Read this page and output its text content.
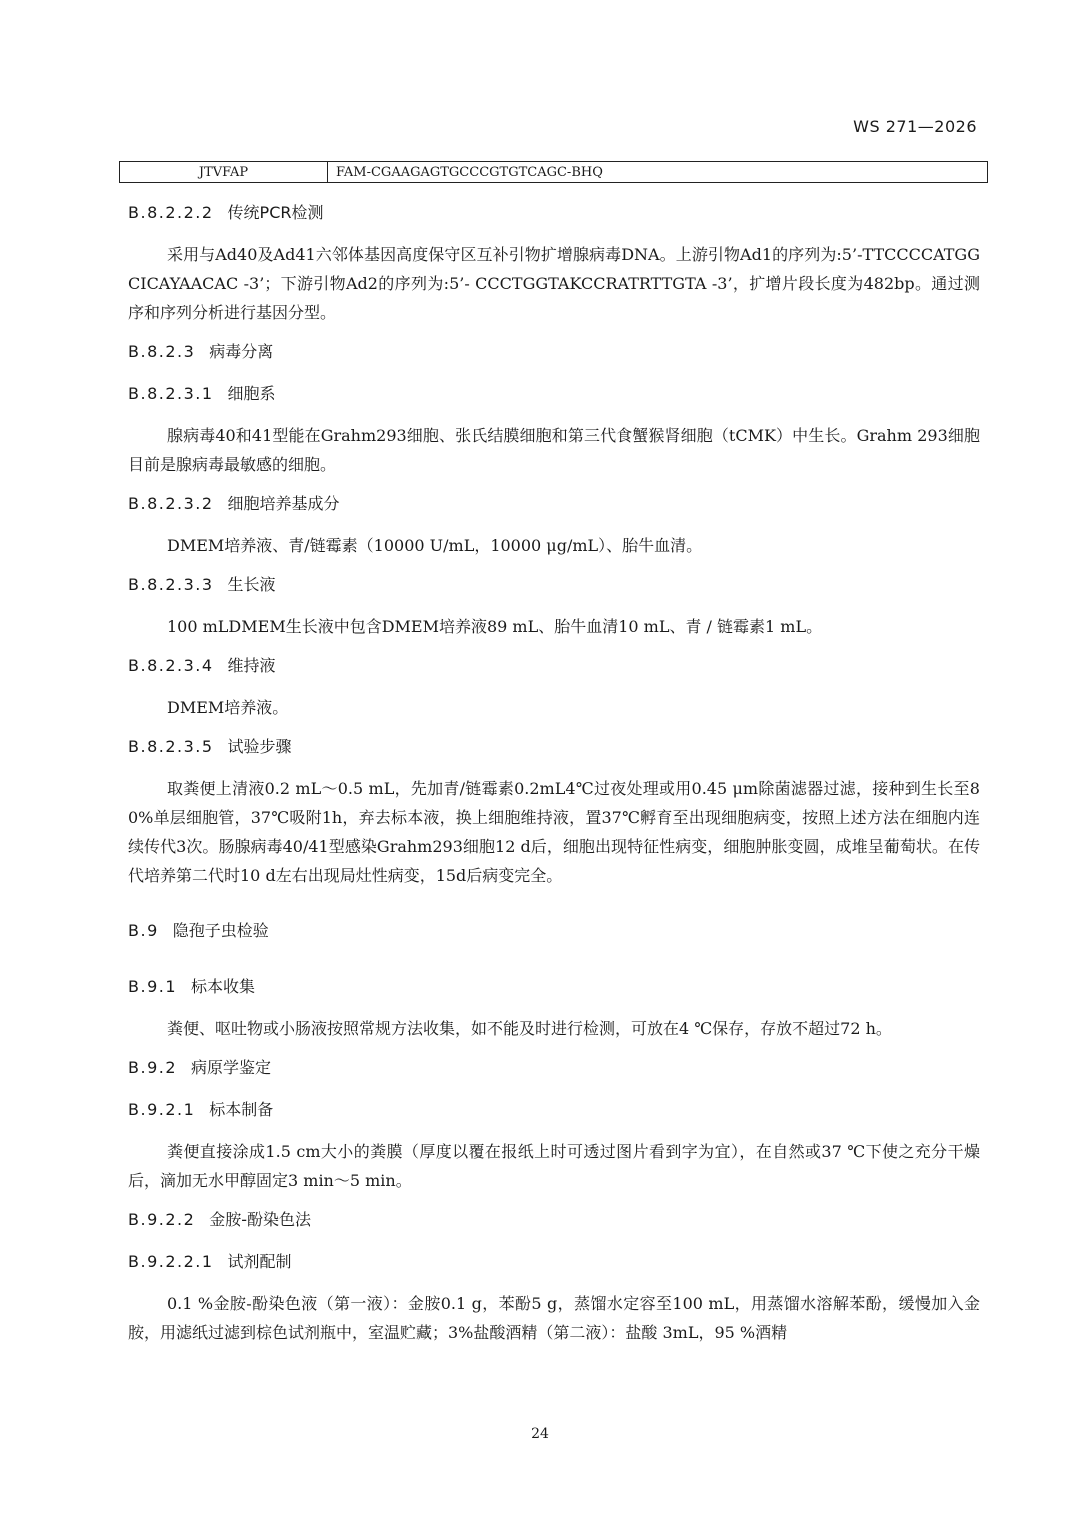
WS 271—2026
JTVFAP	FAM-CGAAGAGTGCCCGTGTCAGC-BHQ
B.8.2.2.2 传统PCR检测

采用与Ad40及Ad41六邻体基因高度保守区互补引物扩增腺病毒DNA。上游引物Ad1的序列为:5’-TTCCCCATGGCICAYAACAC -3’；下游引物Ad2的序列为:5’- CCCTGGTAKCCRATRTTGTA -3’，扩增片段长度为482bp。通过测序和序列分析进行基因分型。

B.8.2.3 病毒分离
B.8.2.3.1 细胞系

腺病毒40和41型能在Grahm293细胞、张氏结膜细胞和第三代食蟹猴肾细胞（tCMK）中生长。Grahm 293细胞目前是腺病毒最敏感的细胞。

B.8.2.3.2 细胞培养基成分

DMEM培养液、青/链霉素（10000 U/mL，10000 μg/mL）、胎牛血清。

B.8.2.3.3 生长液

100 mLDMEM生长液中包含DMEM培养液89 mL、胎牛血清10 mL、青 / 链霉素1 mL。

B.8.2.3.4 维持液

DMEM培养液。

B.8.2.3.5 试验步骤

取粪便上清液0.2 mL～0.5 mL，先加青/链霉素0.2mL4℃过夜处理或用0.45 μm除菌滤器过滤，接种到生长至80%单层细胞管，37℃吸附1h，弃去标本液，换上细胞维持液，置37℃孵育至出现细胞病变，按照上述方法在细胞内连续传代3次。肠腺病毒40/41型感染Grahm293细胞12 d后，细胞出现特征性病变，细胞肿胀变圆，成堆呈葡萄状。在传代培养第二代时10 d左右出现局灶性病变，15d后病变完全。

B.9 隐孢子虫检验
B.9.1 标本收集

粪便、呕吐物或小肠液按照常规方法收集，如不能及时进行检测，可放在4 ℃保存，存放不超过72 h。

B.9.2 病原学鉴定
B.9.2.1 标本制备

粪便直接涂成1.5 cm大小的粪膜（厚度以覆在报纸上时可透过图片看到字为宜），在自然或37 ℃下使之充分干燥后，滴加无水甲醇固定3 min～5 min。

B.9.2.2 金胺-酚染色法
B.9.2.2.1 试剂配制

0.1 %金胺-酚染色液（第一液）：金胺0.1 g，苯酚5 g，蒸馏水定容至100 mL，用蒸馏水溶解苯酚，缓慢加入金胺，用滤纸过滤到棕色试剂瓶中，室温贮藏；3%盐酸酒精（第二液）：盐酸 3mL，95 %酒精

24
